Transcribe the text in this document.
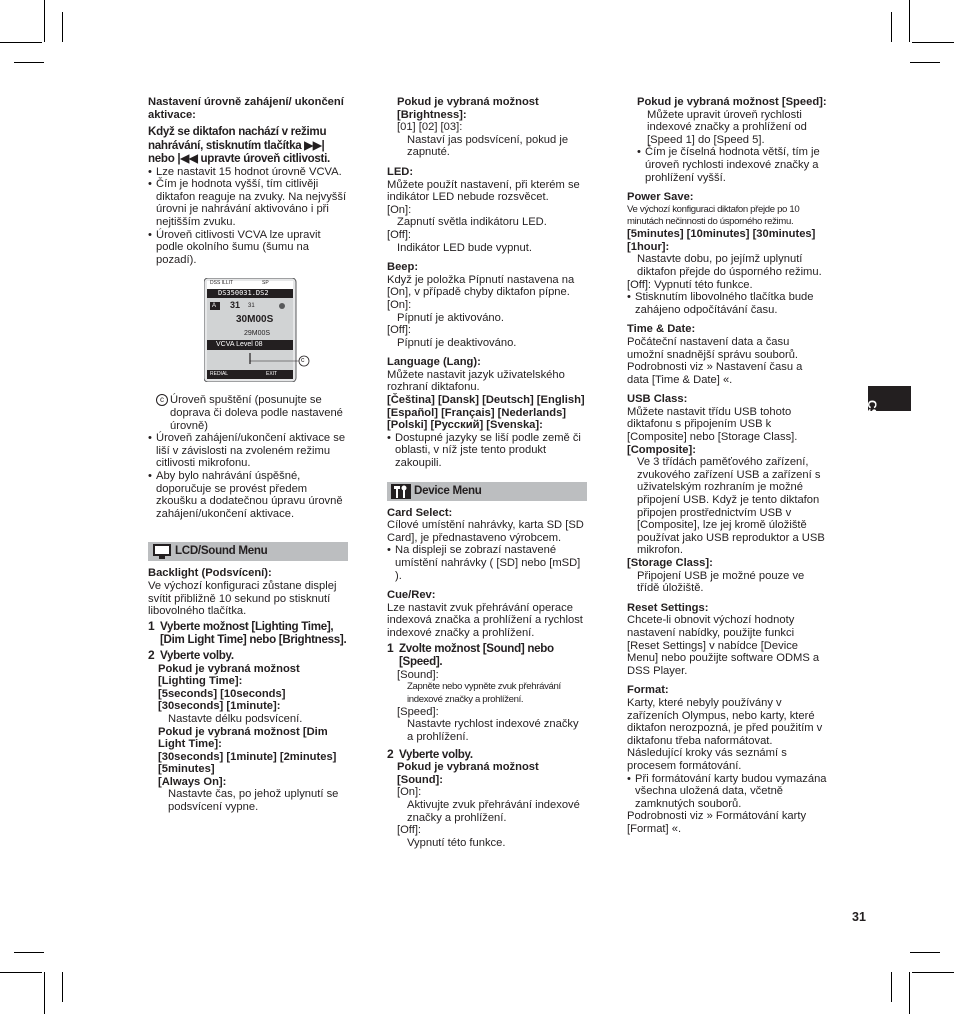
Nastavení úrovně zahájení/ ukončení aktivace:

Když se diktafon nachází v režimu nahrávání, stisknutím tlačítka ▶▶| nebo |◀◀ upravte úroveň citlivosti.

• Lze nastavit 15 hodnot úrovně VCVA.
• Čím je hodnota vyšší, tím citlivěji diktafon reaguje na zvuky. Na nejvyšší úrovni je nahrávání aktivováno i při nejtišším zvuku.
• Úroveň citlivosti VCVA lze upravit podle okolního šumu (šumu na pozadí).
DSS ILLIT	SP
DS350031.DS2
A 31 31
30M00S
29M00S
VCVA Level 08
REDIAL	EXIT
c
c Úroveň spuštění (posunujte se doprava či doleva podle nastavené úrovně)
• Úroveň zahájení/ukončení aktivace se liší v závislosti na zvoleném režimu citlivosti mikrofonu.
• Aby bylo nahrávání úspěšné, doporučuje se provést předem zkoušku a dodatečnou úpravu úrovně zahájení/ukončení aktivace.
LCD/Sound Menu

Backlight (Podsvícení):

Ve výchozí konfiguraci zůstane displej svítit přibližně 10 sekund po stisknutí libovolného tlačítka.

1 Vyberte možnost [Lighting Time], [Dim Light Time] nebo [Brightness].
2 Vyberte volby.

Pokud je vybraná možnost [Lighting Time]:

[5seconds] [10seconds] [30seconds] [1minute]:

Nastavte délku podsvícení.

Pokud je vybraná možnost [Dim Light Time]:

[30seconds] [1minute] [2minutes] [5minutes]

[Always On]:

Nastavte čas, po jehož uplynutí se podsvícení vypne.

Pokud je vybraná možnost [Brightness]:

[01] [02] [03]:

Nastaví jas podsvícení, pokud je zapnuté.

LED:

Můžete použít nastavení, při kterém se indikátor LED nebude rozsvěcet.

[On]:

Zapnutí světla indikátoru LED.

[Off]:

Indikátor LED bude vypnut.

Beep:

Když je položka Pípnutí nastavena na [On], v případě chyby diktafon pípne.

[On]:

Pípnutí je aktivováno.

[Off]:

Pípnutí je deaktivováno.

Language (Lang):

Můžete nastavit jazyk uživatelského rozhraní diktafonu.

[Čeština] [Dansk] [Deutsch] [English] [Español] [Français] [Nederlands] [Polski] [Русский] [Svenska]:

• Dostupné jazyky se liší podle země či oblasti, v níž jste tento produkt zakoupili.
Device Menu

Card Select:

Cílové umístění nahrávky, karta SD [SD Card], je přednastaveno výrobcem.

• Na displeji se zobrazí nastavené umístění nahrávky ( [SD] nebo [mSD] ).

Cue/Rev:

Lze nastavit zvuk přehrávání operace indexová značka a prohlížení a rychlost indexové značky a prohlížení.

1 Zvolte možnost [Sound] nebo [Speed].

[Sound]:

Zapněte nebo vypněte zvuk přehrávání indexové značky a prohlížení.

[Speed]:

Nastavte rychlost indexové značky a prohlížení.

2 Vyberte volby.

Pokud je vybraná možnost [Sound]:

[On]:

Aktivujte zvuk přehrávání indexové značky a prohlížení.

[Off]:

Vypnutí této funkce.

Pokud je vybraná možnost [Speed]:

Můžete upravit úroveň rychlosti indexové značky a prohlížení od [Speed 1] do [Speed 5].

• Čím je číselná hodnota větší, tím je úroveň rychlosti indexové značky a prohlížení vyšší.

Power Save:

Ve výchozí konfiguraci diktafon přejde po 10 minutách nečinnosti do úsporného režimu.

[5minutes] [10minutes] [30minutes] [1hour]:

Nastavte dobu, po jejímž uplynutí diktafon přejde do úsporného režimu.

[Off]: Vypnutí této funkce.

• Stisknutím libovolného tlačítka bude zahájeno odpočítávání času.

Time & Date:

Počáteční nastavení data a času umožní snadnější správu souborů.

Podrobnosti viz » Nastavení času a data [Time & Date] «.

USB Class:

Můžete nastavit třídu USB tohoto diktafonu s připojením USB k [Composite] nebo [Storage Class].

[Composite]:

Ve 3 třídách paměťového zařízení, zvukového zařízení USB a zařízení s uživatelským rozhraním je možné připojení USB. Když je tento diktafon připojen prostřednictvím USB v [Composite], lze jej kromě úložiště používat jako USB reproduktor a USB mikrofon.

[Storage Class]:

Připojení USB je možné pouze ve třídě úložiště.

Reset Settings:

Chcete-li obnovit výchozí hodnoty nastavení nabídky, použijte funkci [Reset Settings] v nabídce [Device Menu] nebo použijte software ODMS a DSS Player.

Format:

Karty, které nebyly používány v zařízeních Olympus, nebo karty, které diktafon nerozpozná, je před použitím v diktafonu třeba naformátovat. Následující kroky vás seznámí s procesem formátování.

• Při formátování karty budou vymazána všechna uložená data, včetně zamknutých souborů.

Podrobnosti viz » Formátování karty [Format] «.

CS
31
